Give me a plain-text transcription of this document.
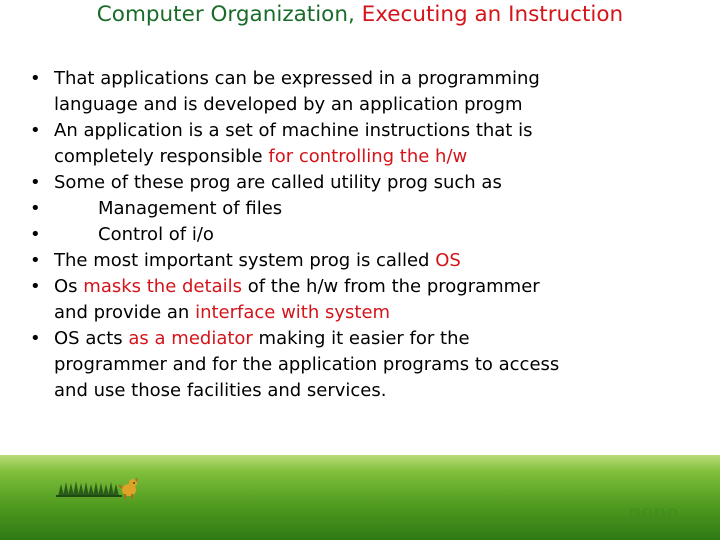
Computer Organization, Executing an Instruction
• That applications can be expressed in a programming
language and is developed by an application progm
• An application is a set of machine instructions that is
completely responsible for controlling the h/w
• Some of these prog are called utility prog such as
•	Management of files
•	Control of i/o
• The most important system prog is called OS
• Os masks the details of the h/w from the programmer
and provide an interface with system
• OS acts as a mediator making it easier for the
programmer and for the application programs to access
and use those facilities and services.
popo
